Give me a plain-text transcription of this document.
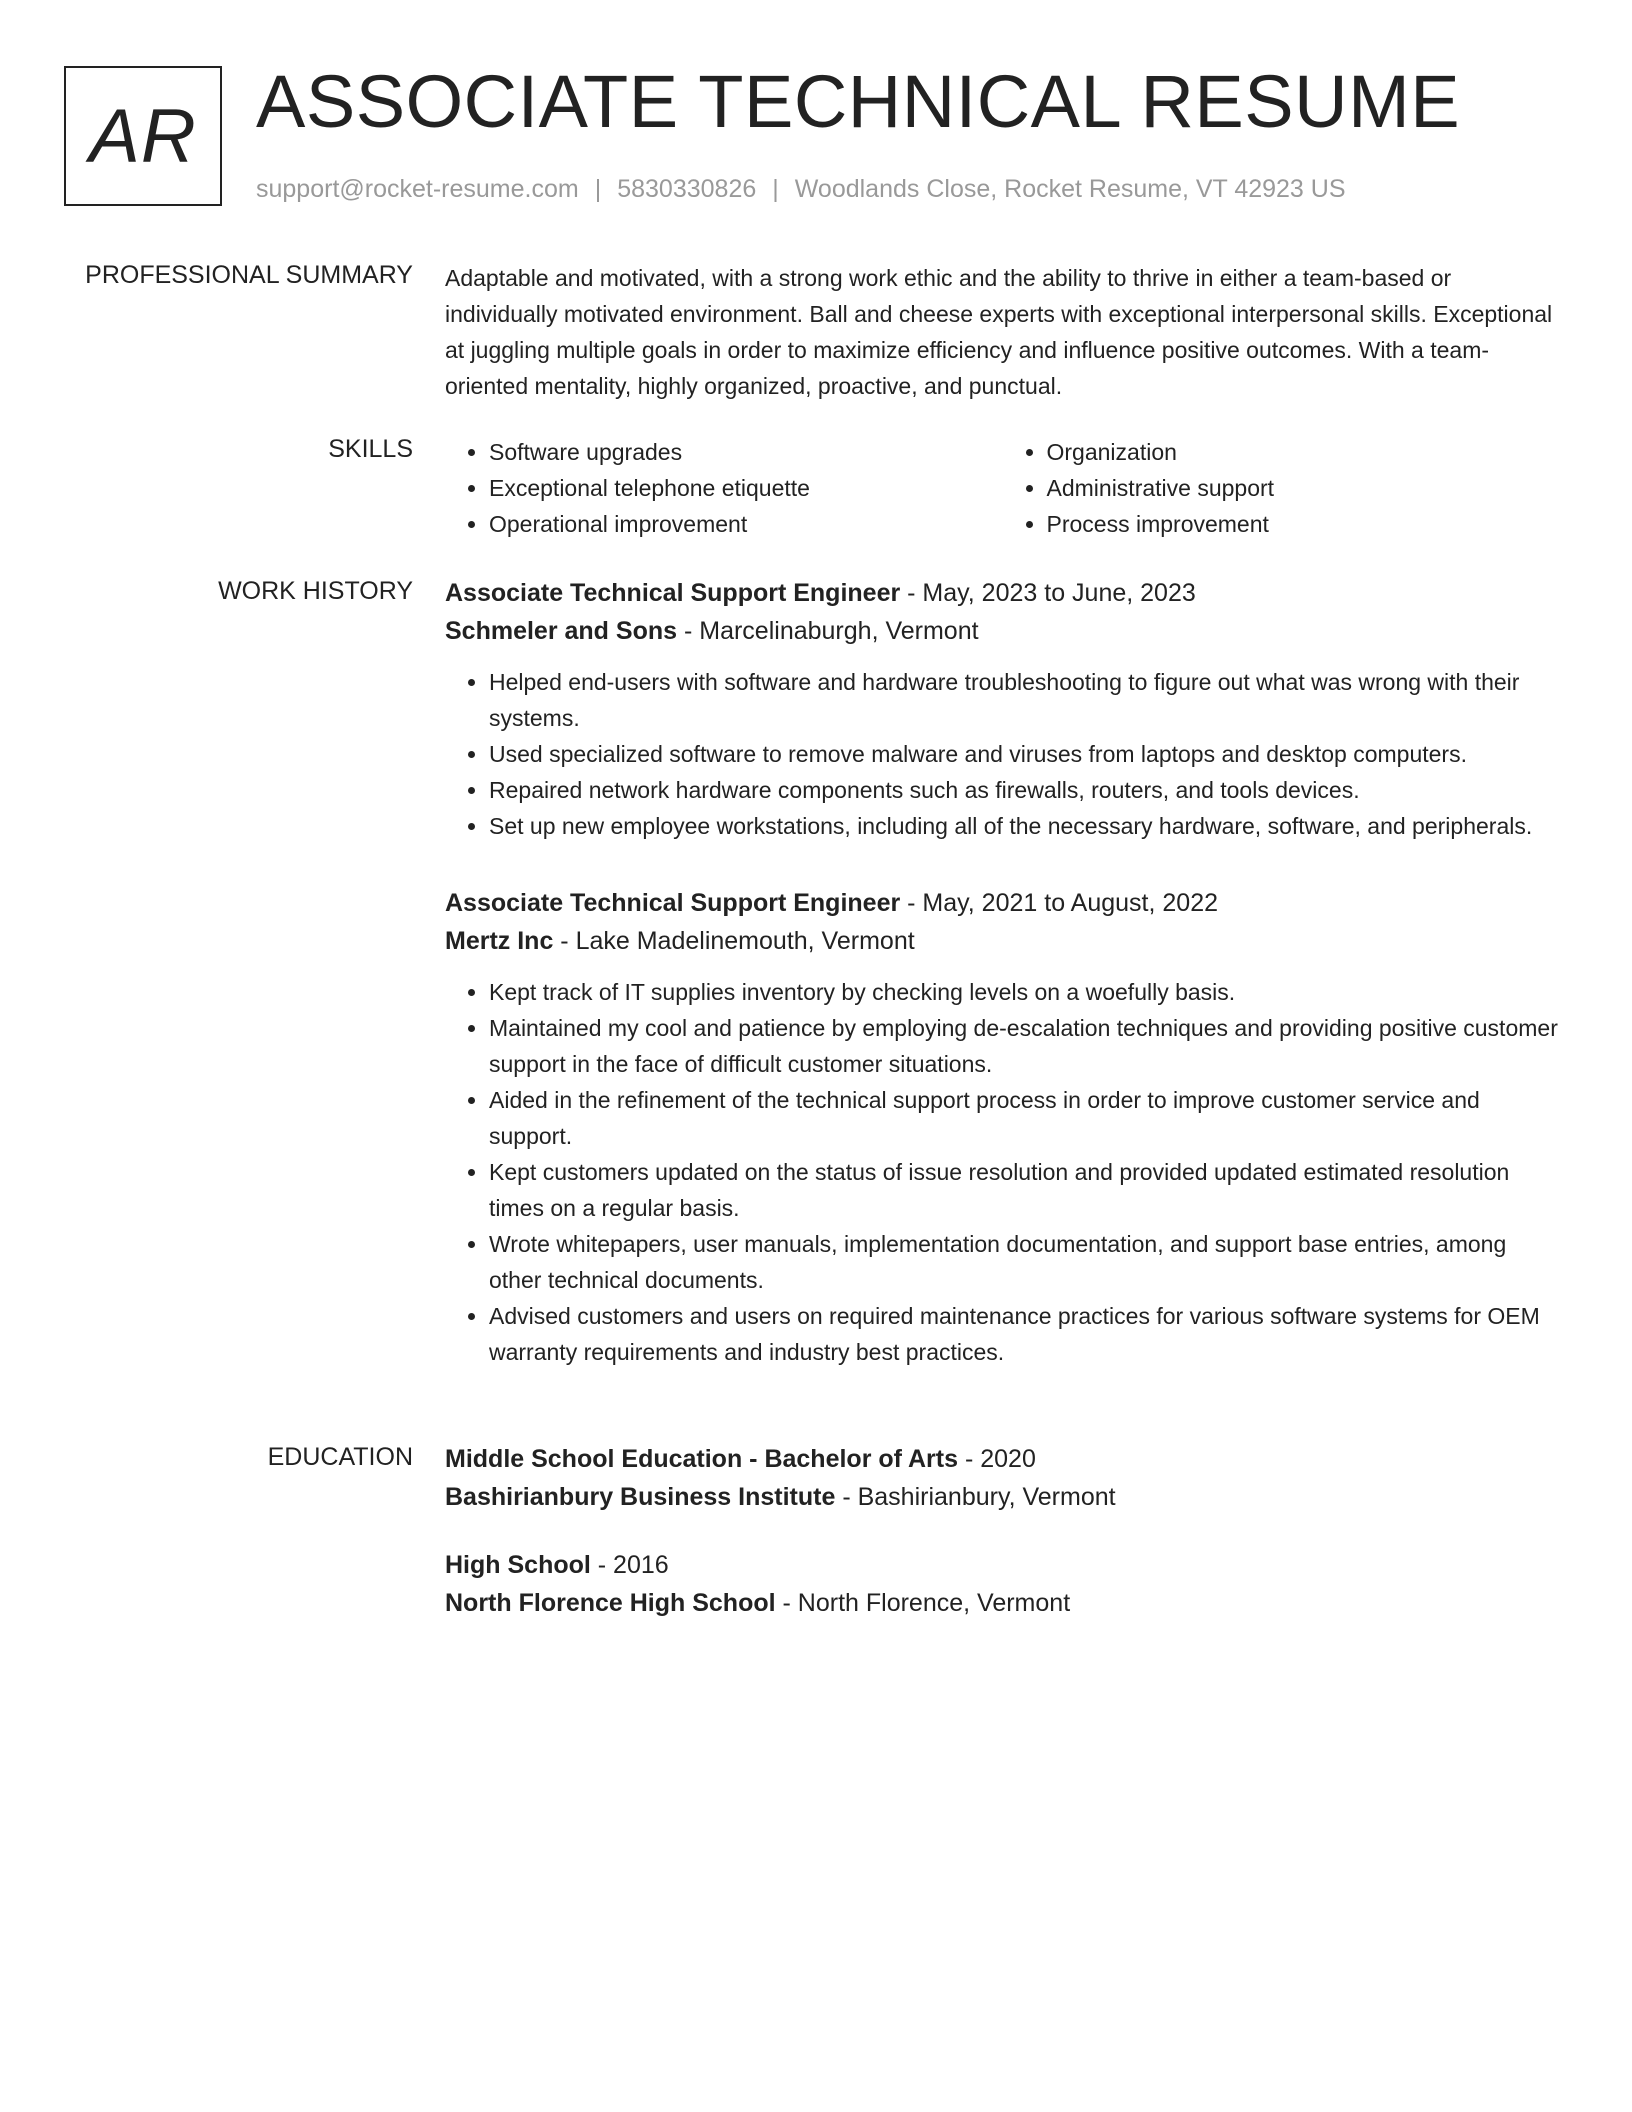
AR ASSOCIATE TECHNICAL RESUME
support@rocket-resume.com | 5830330826 | Woodlands Close, Rocket Resume, VT 42923 US
PROFESSIONAL SUMMARY Adaptable and motivated, with a strong work ethic and the ability to thrive in either a team-based or individually motivated environment. Ball and cheese experts with exceptional interpersonal skills. Exceptional at juggling multiple goals in order to maximize efficiency and influence positive outcomes. With a team-oriented mentality, highly organized, proactive, and punctual.

SKILLS
•	Software upgrades
• Exceptional telephone etiquette
• Operational improvement
• Organization
• Administrative support
• Process improvement
WORK HISTORY Associate Technical Support Engineer - May, 2023 to June, 2023

Schmeler and Sons - Marcelinaburgh, Vermont

• Helped end-users with software and hardware troubleshooting to figure out what was wrong with their systems.
• Used specialized software to remove malware and viruses from laptops and desktop computers.
• Repaired network hardware components such as firewalls, routers, and tools devices.
• Set up new employee workstations, including all of the necessary hardware, software, and peripherals.

Associate Technical Support Engineer - May, 2021 to August, 2022

Mertz Inc - Lake Madelinemouth, Vermont

• Kept track of IT supplies inventory by checking levels on a woefully basis.
• Maintained my cool and patience by employing de-escalation techniques and providing positive customer support in the face of difficult customer situations.
• Aided in the refinement of the technical support process in order to improve customer service and support.
• Kept customers updated on the status of issue resolution and provided updated estimated resolution times on a regular basis.
• Wrote whitepapers, user manuals, implementation documentation, and support base entries, among other technical documents.
• Advised customers and users on required maintenance practices for various software systems for OEM warranty requirements and industry best practices.
EDUCATION Middle School Education - Bachelor of Arts - 2020

Bashirianbury Business Institute - Bashirianbury, Vermont

High School - 2016

North Florence High School - North Florence, Vermont
